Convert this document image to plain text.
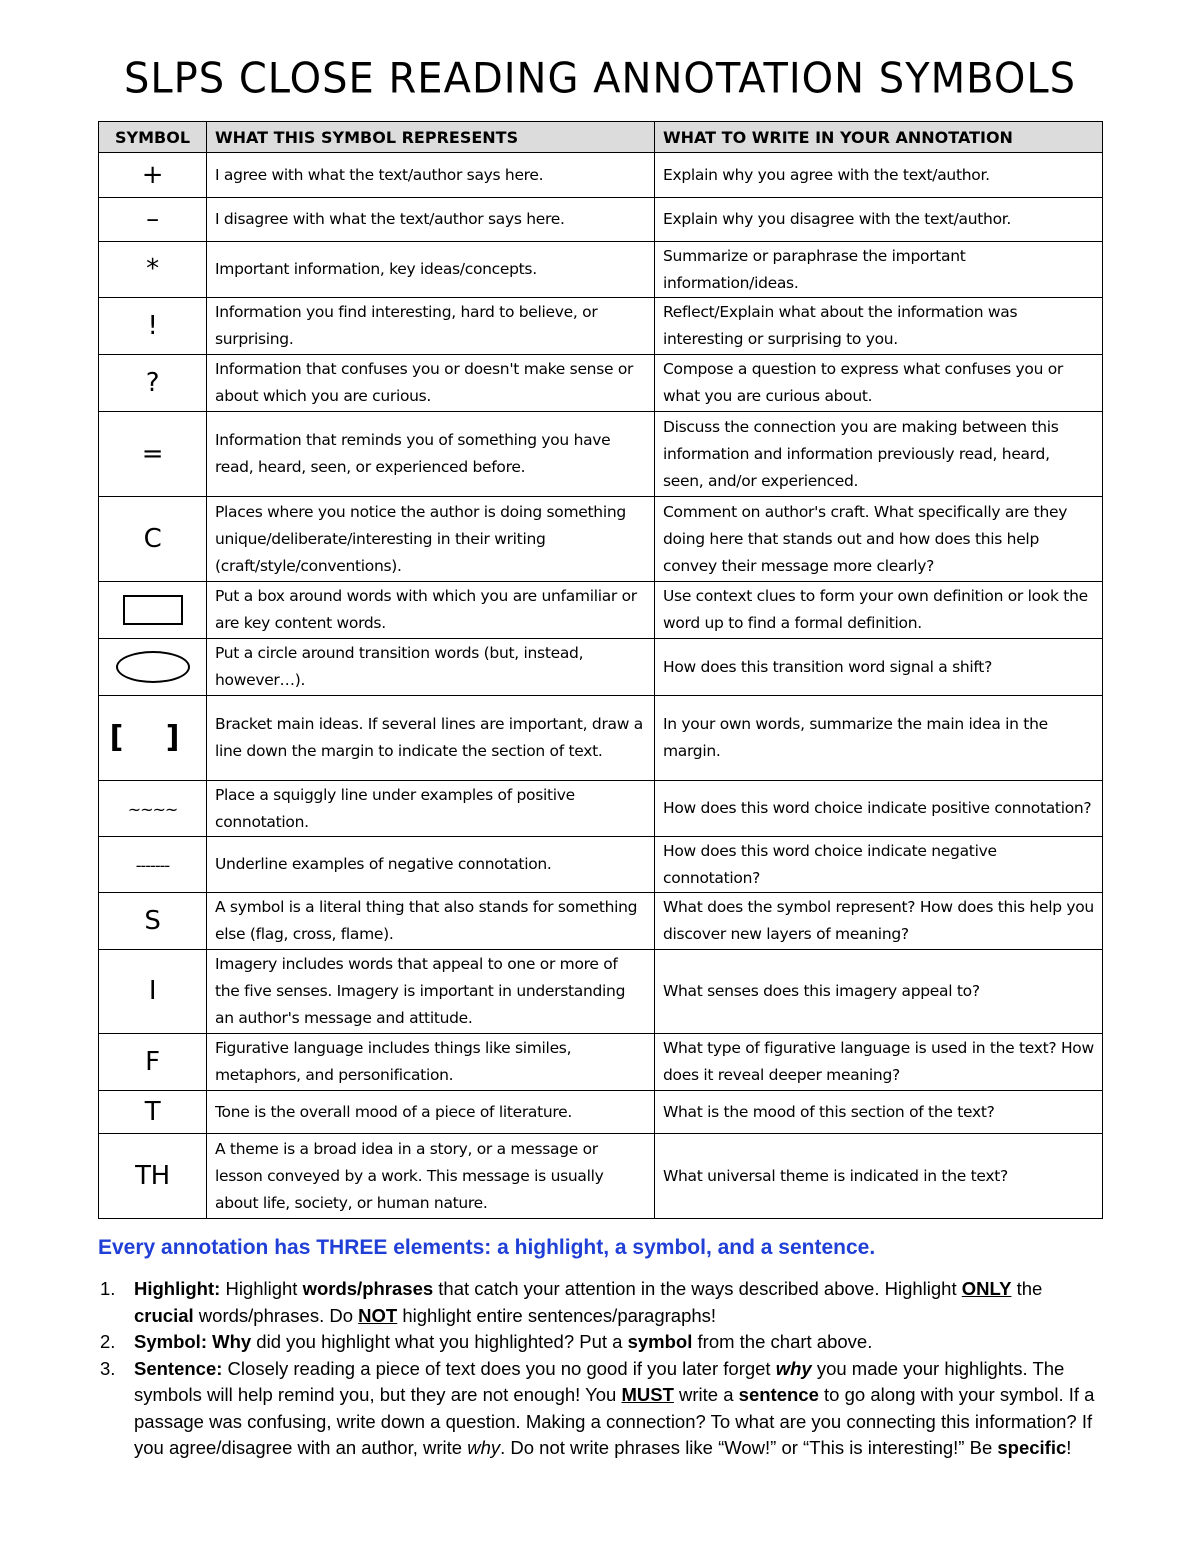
SLPS CLOSE READING ANNOTATION SYMBOLS
SYMBOL	WHAT THIS SYMBOL REPRESENTS	WHAT TO WRITE IN YOUR ANNOTATION
+	I agree with what the text/author says here.	Explain why you agree with the text/author.
–	I disagree with what the text/author says here.	Explain why you disagree with the text/author.
*	Important information, key ideas/concepts.	Summarize or paraphrase the important information/ideas.
!	Information you find interesting, hard to believe, or surprising.	Reflect/Explain what about the information was interesting or surprising to you.
?	Information that confuses you or doesn't make sense or about which you are curious.	Compose a question to express what confuses you or what you are curious about.
=	Information that reminds you of something you have read, heard, seen, or experienced before.	Discuss the connection you are making between this information and information previously read, heard, seen, and/or experienced.
C	Places where you notice the author is doing something unique/deliberate/interesting in their writing (craft/style/conventions).	Comment on author's craft. What specifically are they doing here that stands out and how does this help convey their message more clearly?
	Put a box around words with which you are unfamiliar or are key content words.	Use context clues to form your own definition or look the word up to find a formal definition.
	Put a circle around transition words (but, instead, however…).	How does this transition word signal a shift?
[ ]	Bracket main ideas. If several lines are important, draw a line down the margin to indicate the section of text.	In your own words, summarize the main idea in the margin.
~~~~	Place a squiggly line under examples of positive connotation.	How does this word choice indicate positive connotation?
-------	Underline examples of negative connotation.	How does this word choice indicate negative connotation?
S	A symbol is a literal thing that also stands for something else (flag, cross, flame).	What does the symbol represent? How does this help you discover new layers of meaning?
I	Imagery includes words that appeal to one or more of the five senses. Imagery is important in understanding an author's message and attitude.	What senses does this imagery appeal to?
F	Figurative language includes things like similes, metaphors, and personification.	What type of figurative language is used in the text? How does it reveal deeper meaning?
T	Tone is the overall mood of a piece of literature.	What is the mood of this section of the text?
TH	A theme is a broad idea in a story, or a message or lesson conveyed by a work. This message is usually about life, society, or human nature.	What universal theme is indicated in the text?

Every annotation has THREE elements: a highlight, a symbol, and a sentence.

1. Highlight: Highlight words/phrases that catch your attention in the ways described above. Highlight ONLY the crucial words/phrases. Do NOT highlight entire sentences/paragraphs!
2. Symbol: Why did you highlight what you highlighted? Put a symbol from the chart above.
3. Sentence: Closely reading a piece of text does you no good if you later forget why you made your highlights. The symbols will help remind you, but they are not enough! You MUST write a sentence to go along with your symbol. If a passage was confusing, write down a question. Making a connection? To what are you connecting this information? If you agree/disagree with an author, write why. Do not write phrases like “Wow!” or “This is interesting!” Be specific!
